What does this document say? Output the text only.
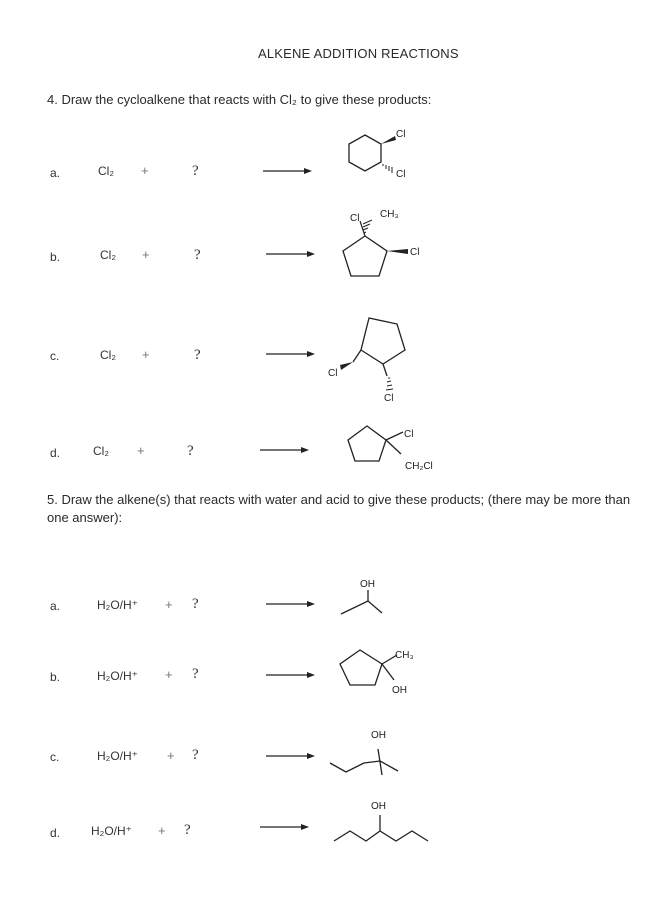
ALKENE ADDITION REACTIONS
4. Draw the cycloalkene that reacts with Cl₂ to give these products:
a.	Cl₂ +	?
Cl
Cl
b.	Cl₂ +	?
Cl CH₃
Cl
c.	Cl₂ +	?
Cl
Cl
d.	Cl₂ +	?
Cl
CH₂Cl
5. Draw the alkene(s) that reacts with water and acid to give these products; (there may be more than one answer):
a.	H₂O/H⁺ + ?
OH
b.	H₂O/H⁺ + ?
CH₃
OH
c.	H₂O/H⁺ + ?
OH
d.	H₂O/H⁺ + ?
OH
